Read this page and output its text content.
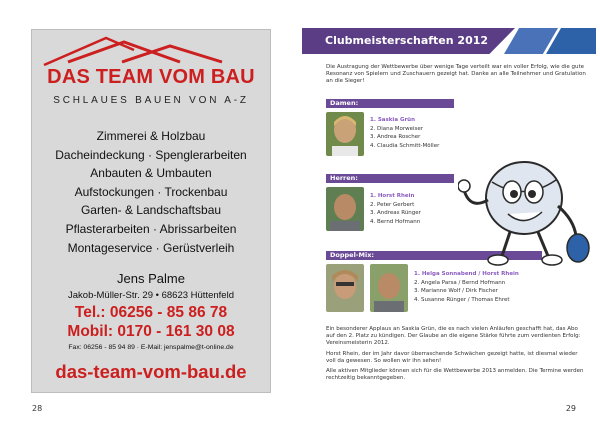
DAS TEAM VOM BAU
SCHLAUES BAUEN VON A-Z
Zimmerei & Holzbau
Dacheindeckung · Spenglerarbeiten
Anbauten & Umbauten
Aufstockungen · Trockenbau
Garten- & Landschaftsbau
Pflasterarbeiten · Abrissarbeiten
Montageservice · Gerüstverleih
Jens Palme
Jakob-Müller-Str. 29 • 68623 Hüttenfeld
Tel.: 06256 - 85 86 78
Mobil: 0170 - 161 30 08
Fax: 06256 - 85 94 89 · E-Mail: jenspalme@t-online.de
das-team-vom-bau.de
28
Clubmeisterschaften 2012
Die Austragung der Wettbewerbe über wenige Tage verteilt war ein voller Erfolg, wie die gute Resonanz von Spielern und Zuschauern gezeigt hat. Danke an alle Teilnehmer und Gratulation an die Sieger!
Damen:
1. Saskia Grün
2. Diana Morweiser
3. Andrea Roscher
4. Claudia Schmitt-Möller
Herren:
1. Horst Rhein
2. Peter Gerbert
3. Andreas Rünger
4. Bernd Hofmann
Doppel-Mix:
1. Helga Sonnabend / Horst Rhein
2. Angela Parsa / Bernd Hofmann
3. Marianne Wolf / Dirk Fischer
4. Susanne Rünger / Thomas Ehret

Ein besonderer Applaus an Saskia Grün, die es nach vielen Anläufen geschafft hat, das Abo auf den 2. Platz zu kündigen. Der Glaube an die eigene Stärke führte zum verdienten Erfolg: Vereinsmeisterin 2012.

Horst Rhein, der im Jahr davor überraschende Schwächen gezeigt hatte, ist diesmal wieder voll da gewesen. So wollen wir ihn sehen!

Alle aktiven Mitglieder können sich für die Wettbewerbe 2013 anmelden. Die Termine werden rechtzeitig bekanntgegeben.

29
